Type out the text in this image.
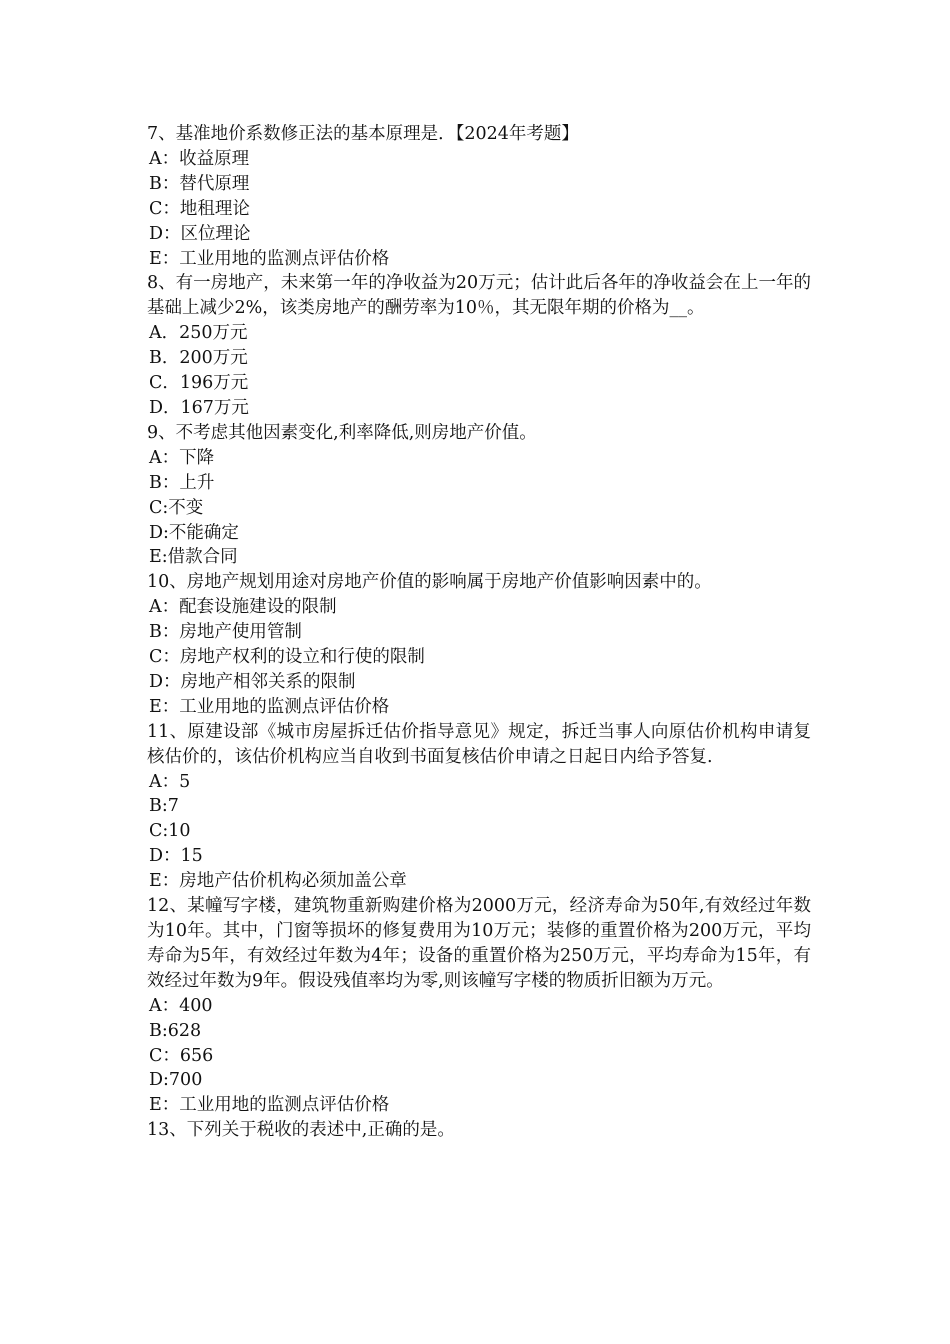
7、基准地价系数修正法的基本原理是．【2024年考题】

A：收益原理

B：替代原理

C：地租理论

D：区位理论

E：工业用地的监测点评估价格

8、有一房地产，未来第一年的净收益为20万元；估计此后各年的净收益会在上一年的基础上减少2%，该类房地产的酬劳率为10％，其无限年期的价格为__。

A．250万元

B．200万元

C．196万元

D．167万元

9、不考虑其他因素变化,利率降低,则房地产价值。

A：下降

B：上升

C:不变

D:不能确定

E:借款合同

10、房地产规划用途对房地产价值的影响属于房地产价值影响因素中的。

A：配套设施建设的限制

B：房地产使用管制

C：房地产权利的设立和行使的限制

D：房地产相邻关系的限制

E：工业用地的监测点评估价格

11、原建设部《城市房屋拆迁估价指导意见》规定，拆迁当事人向原估价机构申请复核估价的，该估价机构应当自收到书面复核估价申请之日起日内给予答复.

A：5

B:7

C:10

D：15

E：房地产估价机构必须加盖公章

12、某幢写字楼，建筑物重新购建价格为2000万元，经济寿命为50年,有效经过年数为10年。其中，门窗等损坏的修复费用为10万元；装修的重置价格为200万元，平均寿命为5年，有效经过年数为4年；设备的重置价格为250万元，平均寿命为15年，有效经过年数为9年。假设残值率均为零,则该幢写字楼的物质折旧额为万元。

A：400

B:628

C：656

D:700

E：工业用地的监测点评估价格

13、下列关于税收的表述中,正确的是。
